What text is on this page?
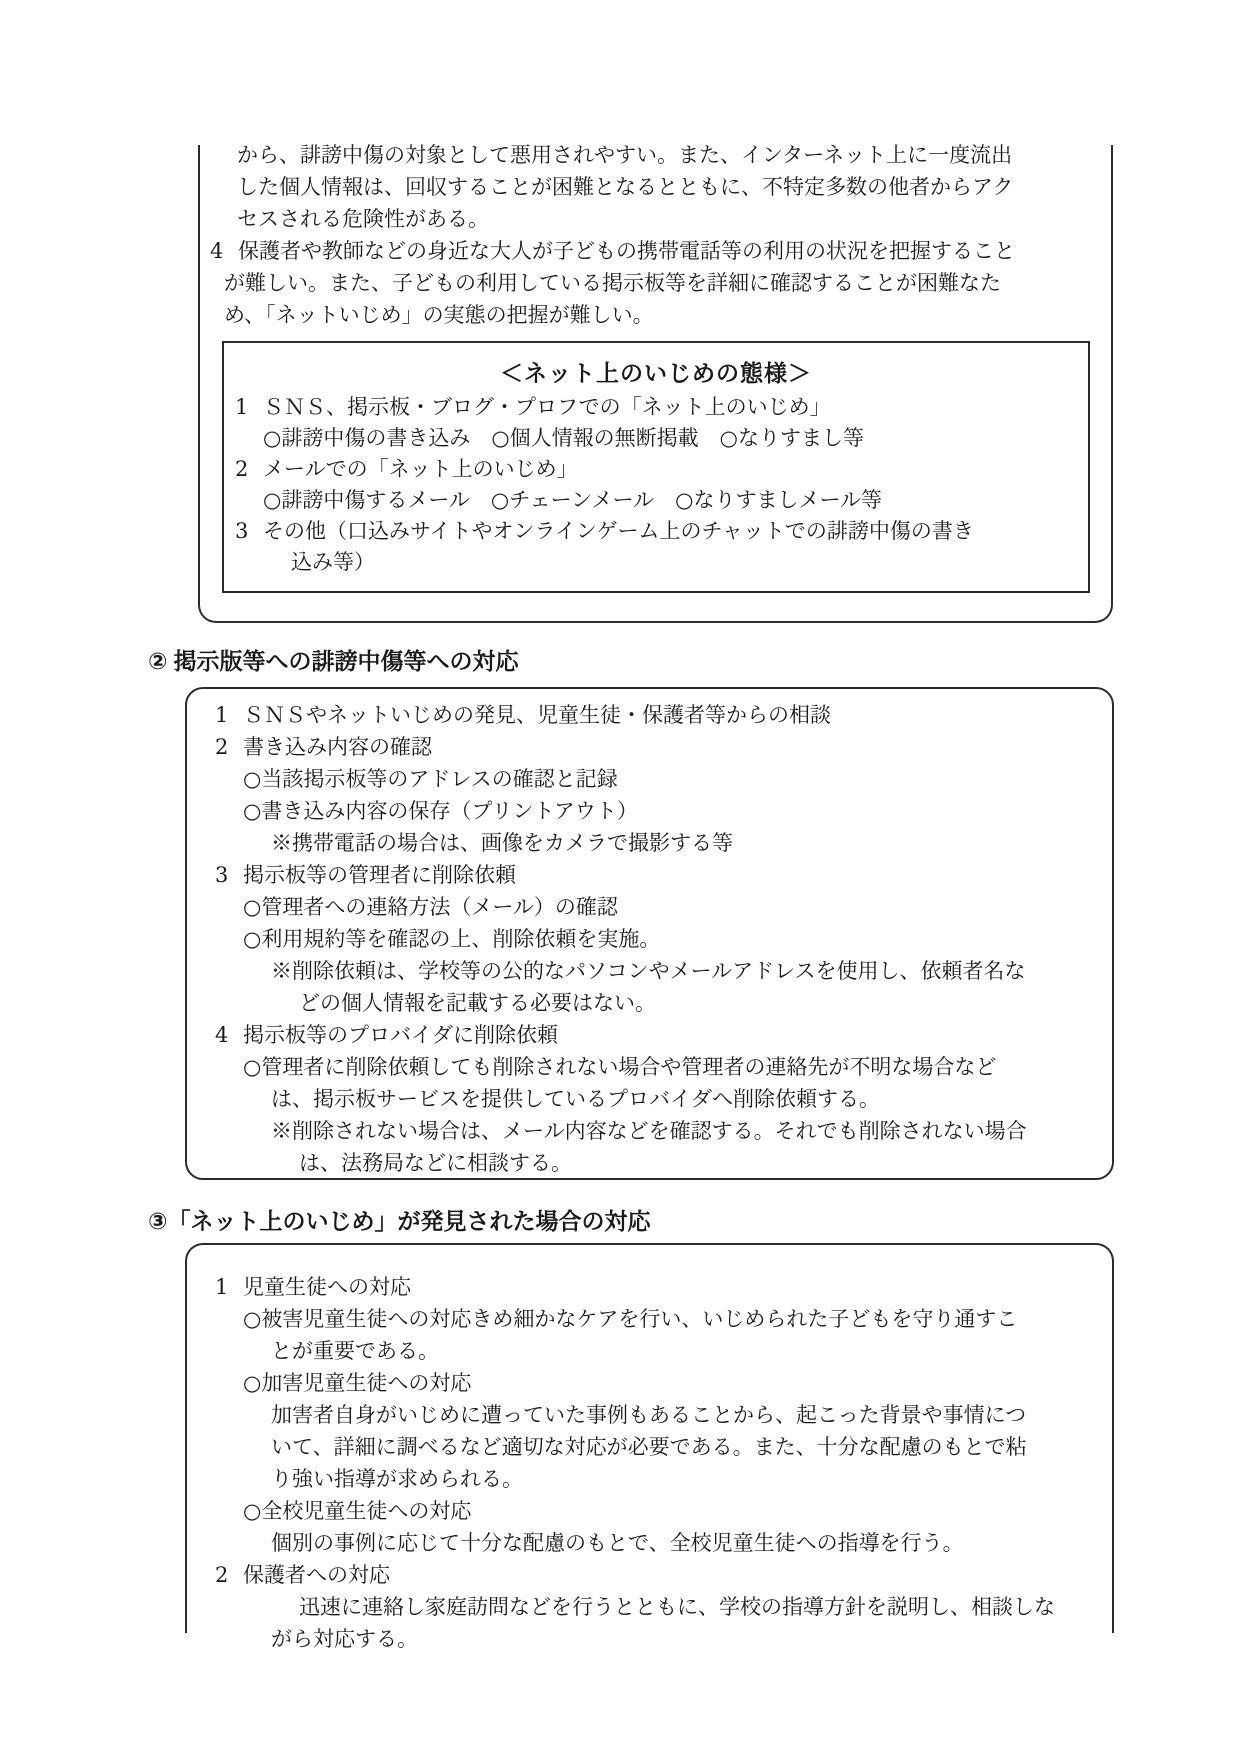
から、誹謗中傷の対象として悪用されやすい。また、インターネット上に一度流出
した個人情報は、回収することが困難となるとともに、不特定多数の他者からアク
セスされる危険性がある。
4 保護者や教師などの身近な大人が子どもの携帯電話等の利用の状況を把握すること
が難しい。また、子どもの利用している掲示板等を詳細に確認することが困難なた
め、「ネットいじめ」の実態の把握が難しい。
＜ネット上のいじめの態様＞
1 ＳＮＳ、掲示板・ブログ・プロフでの「ネット上のいじめ」
○誹謗中傷の書き込み　○個人情報の無断掲載　○なりすまし等
2 メールでの「ネット上のいじめ」
○誹謗中傷するメール　○チェーンメール　○なりすましメール等
3 その他（口込みサイトやオンラインゲーム上のチャットでの誹謗中傷の書き
込み等）
② 掲示版等への誹謗中傷等への対応
1 ＳＮＳやネットいじめの発見、児童生徒・保護者等からの相談
2 書き込み内容の確認
○当該掲示板等のアドレスの確認と記録
○書き込み内容の保存（プリントアウト）
※携帯電話の場合は、画像をカメラで撮影する等
3 掲示板等の管理者に削除依頼
○管理者への連絡方法（メール）の確認
○利用規約等を確認の上、削除依頼を実施。
※削除依頼は、学校等の公的なパソコンやメールアドレスを使用し、依頼者名な
どの個人情報を記載する必要はない。
4 掲示板等のプロバイダに削除依頼
○管理者に削除依頼しても削除されない場合や管理者の連絡先が不明な場合など
は、掲示板サービスを提供しているプロバイダへ削除依頼する。
※削除されない場合は、メール内容などを確認する。それでも削除されない場合
は、法務局などに相談する。
③「ネット上のいじめ」が発見された場合の対応
1 児童生徒への対応
○被害児童生徒への対応きめ細かなケアを行い、いじめられた子どもを守り通すこ
とが重要である。
○加害児童生徒への対応
加害者自身がいじめに遭っていた事例もあることから、起こった背景や事情につ
いて、詳細に調べるなど適切な対応が必要である。また、十分な配慮のもとで粘
り強い指導が求められる。
○全校児童生徒への対応
個別の事例に応じて十分な配慮のもとで、全校児童生徒への指導を行う。
2 保護者への対応
迅速に連絡し家庭訪問などを行うとともに、学校の指導方針を説明し、相談しな
がら対応する。
